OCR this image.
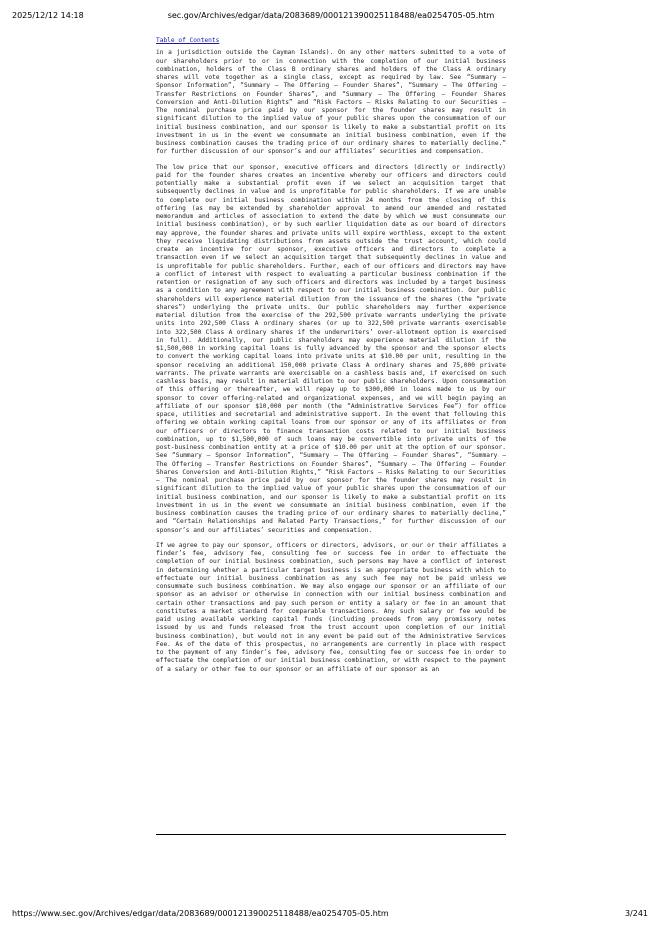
2025/12/12 14:18	sec.gov/Archives/edgar/data/2083689/000121390025118488/ea0254705-05.htm
Table of Contents

in a jurisdiction outside the Cayman Islands). On any other matters submitted to a vote of our shareholders prior to or in connection with the completion of our initial business combination, holders of the Class B ordinary shares and holders of the Class A ordinary shares will vote together as a single class, except as required by law. See “Summary — Sponsor Information”, “Summary — The Offering — Founder Shares”, “Summary — The Offering — Transfer Restrictions on Founder Shares”, and “Summary — The Offering — Founder Shares Conversion and Anti-Dilution Rights” and “Risk Factors — Risks Relating to our Securities — The nominal purchase price paid by our sponsor for the founder shares may result in significant dilution to the implied value of your public shares upon the consummation of our initial business combination, and our sponsor is likely to make a substantial profit on its investment in us in the event we consummate an initial business combination, even if the business combination causes the trading price of our ordinary shares to materially decline.” for further discussion of our sponsor’s and our affiliates’ securities and compensation.

The low price that our sponsor, executive officers and directors (directly or indirectly) paid for the founder shares creates an incentive whereby our officers and directors could potentially make a substantial profit even if we select an acquisition target that subsequently declines in value and is unprofitable for public shareholders. If we are unable to complete our initial business combination within 24 months from the closing of this offering (as may be extended by shareholder approval to amend our amended and restated memorandum and articles of association to extend the date by which we must consummate our initial business combination), or by such earlier liquidation date as our board of directors may approve, the founder shares and private units will expire worthless, except to the extent they receive liquidating distributions from assets outside the trust account, which could create an incentive for our sponsor, executive officers and directors to complete a transaction even if we select an acquisition target that subsequently declines in value and is unprofitable for public shareholders. Further, each of our officers and directors may have a conflict of interest with respect to evaluating a particular business combination if the retention or resignation of any such officers and directors was included by a target business as a condition to any agreement with respect to our initial business combination. Our public shareholders will experience material dilution from the issuance of the shares (the “private shares”) underlying the private units. Our public shareholders may further experience material dilution from the exercise of the 292,500 private warrants underlying the private units into 292,500 Class A ordinary shares (or up to 322,500 private warrants exercisable into 322,500 Class A ordinary shares if the underwriters’ over-allotment option is exercised in full). Additionally, our public shareholders may experience material dilution if the $1,500,000 in working capital loans is fully advanced by the sponsor and the sponsor elects to convert the working capital loans into private units at $10.00 per unit, resulting in the sponsor receiving an additional 150,000 private Class A ordinary shares and 75,000 private warrants. The private warrants are exercisable on a cashless basis and, if exercised on such cashless basis, may result in material dilution to our public shareholders. Upon consummation of this offering or thereafter, we will repay up to $300,000 in loans made to us by our sponsor to cover offering-related and organizational expenses, and we will begin paying an affiliate of our sponsor $10,000 per month (the “Administrative Services Fee”) for office space, utilities and secretarial and administrative support. In the event that following this offering we obtain working capital loans from our sponsor or any of its affiliates or from our officers or directors to finance transaction costs related to our initial business combination, up to $1,500,000 of such loans may be convertible into private units of the post-business combination entity at a price of $10.00 per unit at the option of our sponsor. See “Summary — Sponsor Information”, “Summary — The Offering — Founder Shares”, “Summary — The Offering — Transfer Restrictions on Founder Shares”, “Summary — The Offering — Founder Shares Conversion and Anti-Dilution Rights,” “Risk Factors — Risks Relating to our Securities — The nominal purchase price paid by our sponsor for the founder shares may result in significant dilution to the implied value of your public shares upon the consummation of our initial business combination, and our sponsor is likely to make a substantial profit on its investment in us in the event we consummate an initial business combination, even if the business combination causes the trading price of our ordinary shares to materially decline,” and “Certain Relationships and Related Party Transactions,” for further discussion of our sponsor’s and our affiliates’ securities and compensation.

If we agree to pay our sponsor, officers or directors, advisors, or our or their affiliates a finder’s fee, advisory fee, consulting fee or success fee in order to effectuate the completion of our initial business combination, such persons may have a conflict of interest in determining whether a particular target business is an appropriate business with which to effectuate our initial business combination as any such fee may not be paid unless we consummate such business combination. We may also engage our sponsor or an affiliate of our sponsor as an advisor or otherwise in connection with our initial business combination and certain other transactions and pay such person or entity a salary or fee in an amount that constitutes a market standard for comparable transactions. Any such salary or fee would be paid using available working capital funds (including proceeds from any promissory notes issued by us and funds released from the trust account upon completion of our initial business combination), but would not in any event be paid out of the Administrative Services Fee. As of the date of this prospectus, no arrangements are currently in place with respect to the payment of any finder’s fee, advisory fee, consulting fee or success fee in order to effectuate the completion of our initial business combination, or with respect to the payment of a salary or other fee to our sponsor or an affiliate of our sponsor as an

https://www.sec.gov/Archives/edgar/data/2083689/000121390025118488/ea0254705-05.htm	3/241
